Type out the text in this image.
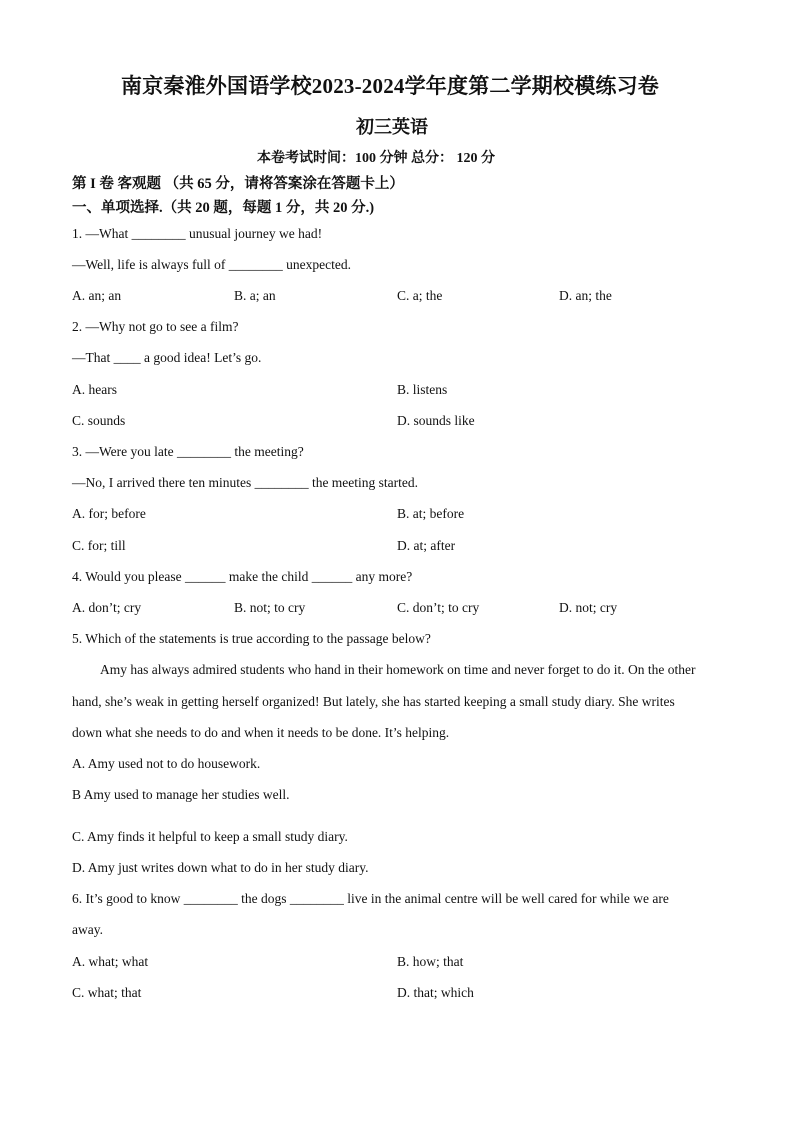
南京秦淮外国语学校2023-2024学年度第二学期校模练习卷
初三英语
本卷考试时间：100 分钟 总分： 120 分
第 I 卷 客观题 （共 65 分，请将答案涂在答题卡上）
一、单项选择.（共 20 题，每题 1 分，共 20 分.)
1. —What ________ unusual journey we had!
—Well, life is always full of ________ unexpected.
A. an; an	B. a; an	C. a; the	D. an; the
2. —Why not go to see a film?
—That ____ a good idea! Let’s go.
A. hears	B. listens
C. sounds	D. sounds like
3. —Were you late ________ the meeting?
—No, I arrived there ten minutes ________ the meeting started.
A. for; before	B. at; before
C. for; till	D. at; after
4. Would you please ______ make the child ______ any more?
A. don’t; cry	B. not; to cry	C. don’t; to cry	D. not; cry
5. Which of the statements is true according to the passage below?
Amy has always admired students who hand in their homework on time and never forget to do it. On the other
hand, she’s weak in getting herself organized! But lately, she has started keeping a small study diary. She writes
down what she needs to do and when it needs to be done. It’s helping.
A. Amy used not to do housework.
B Amy used to manage her studies well.
C. Amy finds it helpful to keep a small study diary.
D. Amy just writes down what to do in her study diary.
6. It’s good to know ________ the dogs ________ live in the animal centre will be well cared for while we are
away.
A. what; what	B. how; that
C. what; that	D. that; which
